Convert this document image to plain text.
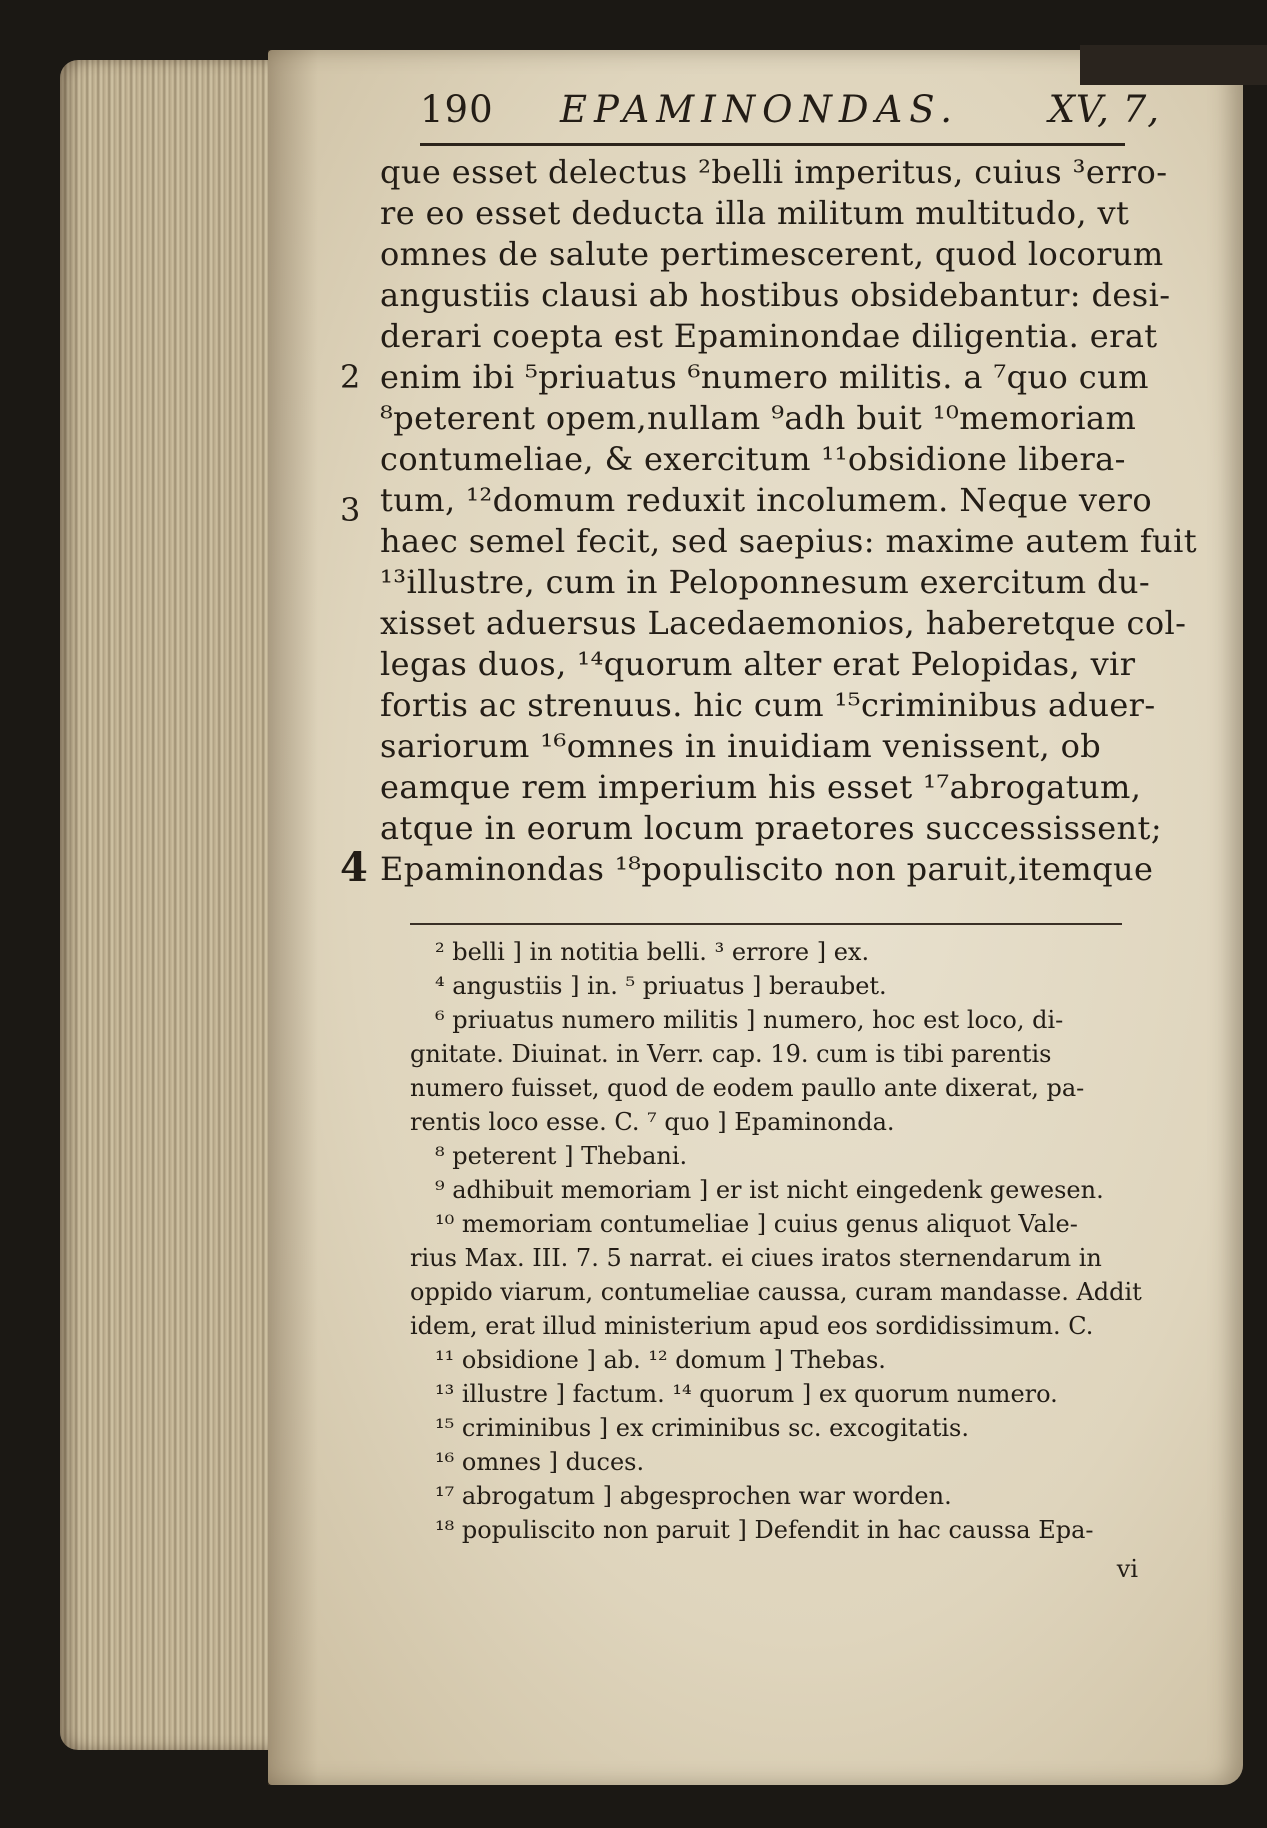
190 EPAMINONDAS. XV, 7,
que esset delectus ²belli imperitus, cuius ³erro-
re eo esset deducta illa militum multitudo, vt
omnes de salute pertimescerent, quod locorum
angustiis clausi ab hostibus obsidebantur: desi-
derari coepta est Epaminondae diligentia. erat
enim ibi ⁵priuatus ⁶numero militis. a ⁷quo cum
⁸peterent opem,nullam ⁹adh buit ¹⁰memoriam
contumeliae, & exercitum ¹¹obsidione libera-
tum, ¹²domum reduxit incolumem. Neque vero
haec semel fecit, sed saepius: maxime autem fuit
¹³illustre, cum in Peloponnesum exercitum du-
xisset aduersus Lacedaemonios, haberetque col-
legas duos, ¹⁴quorum alter erat Pelopidas, vir
fortis ac strenuus. hic cum ¹⁵criminibus aduer-
sariorum ¹⁶omnes in inuidiam venissent, ob
eamque rem imperium his esset ¹⁷abrogatum,
atque in eorum locum praetores successissent;
Epaminondas ¹⁸populiscito non paruit,itemque
2
3
4
² belli ] in notitia belli. ³ errore ] ex.
⁴ angustiis ] in. ⁵ priuatus ] beraubet.
⁶ priuatus numero militis ] numero, hoc est loco, di-
gnitate. Diuinat. in Verr. cap. 19. cum is tibi parentis
numero fuisset, quod de eodem paullo ante dixerat, pa-
rentis loco esse. C. ⁷ quo ] Epaminonda.
⁸ peterent ] Thebani.
⁹ adhibuit memoriam ] er ist nicht eingedenk gewesen.
¹⁰ memoriam contumeliae ] cuius genus aliquot Vale-
rius Max. III. 7. 5 narrat. ei ciues iratos sternendarum in
oppido viarum, contumeliae caussa, curam mandasse. Addit
idem, erat illud ministerium apud eos sordidissimum. C.
¹¹ obsidione ] ab. ¹² domum ] Thebas.
¹³ illustre ] factum. ¹⁴ quorum ] ex quorum numero.
¹⁵ criminibus ] ex criminibus sc. excogitatis.
¹⁶ omnes ] duces.
¹⁷ abrogatum ] abgesprochen war worden.
¹⁸ populiscito non paruit ] Defendit in hac caussa Epa-
vi
